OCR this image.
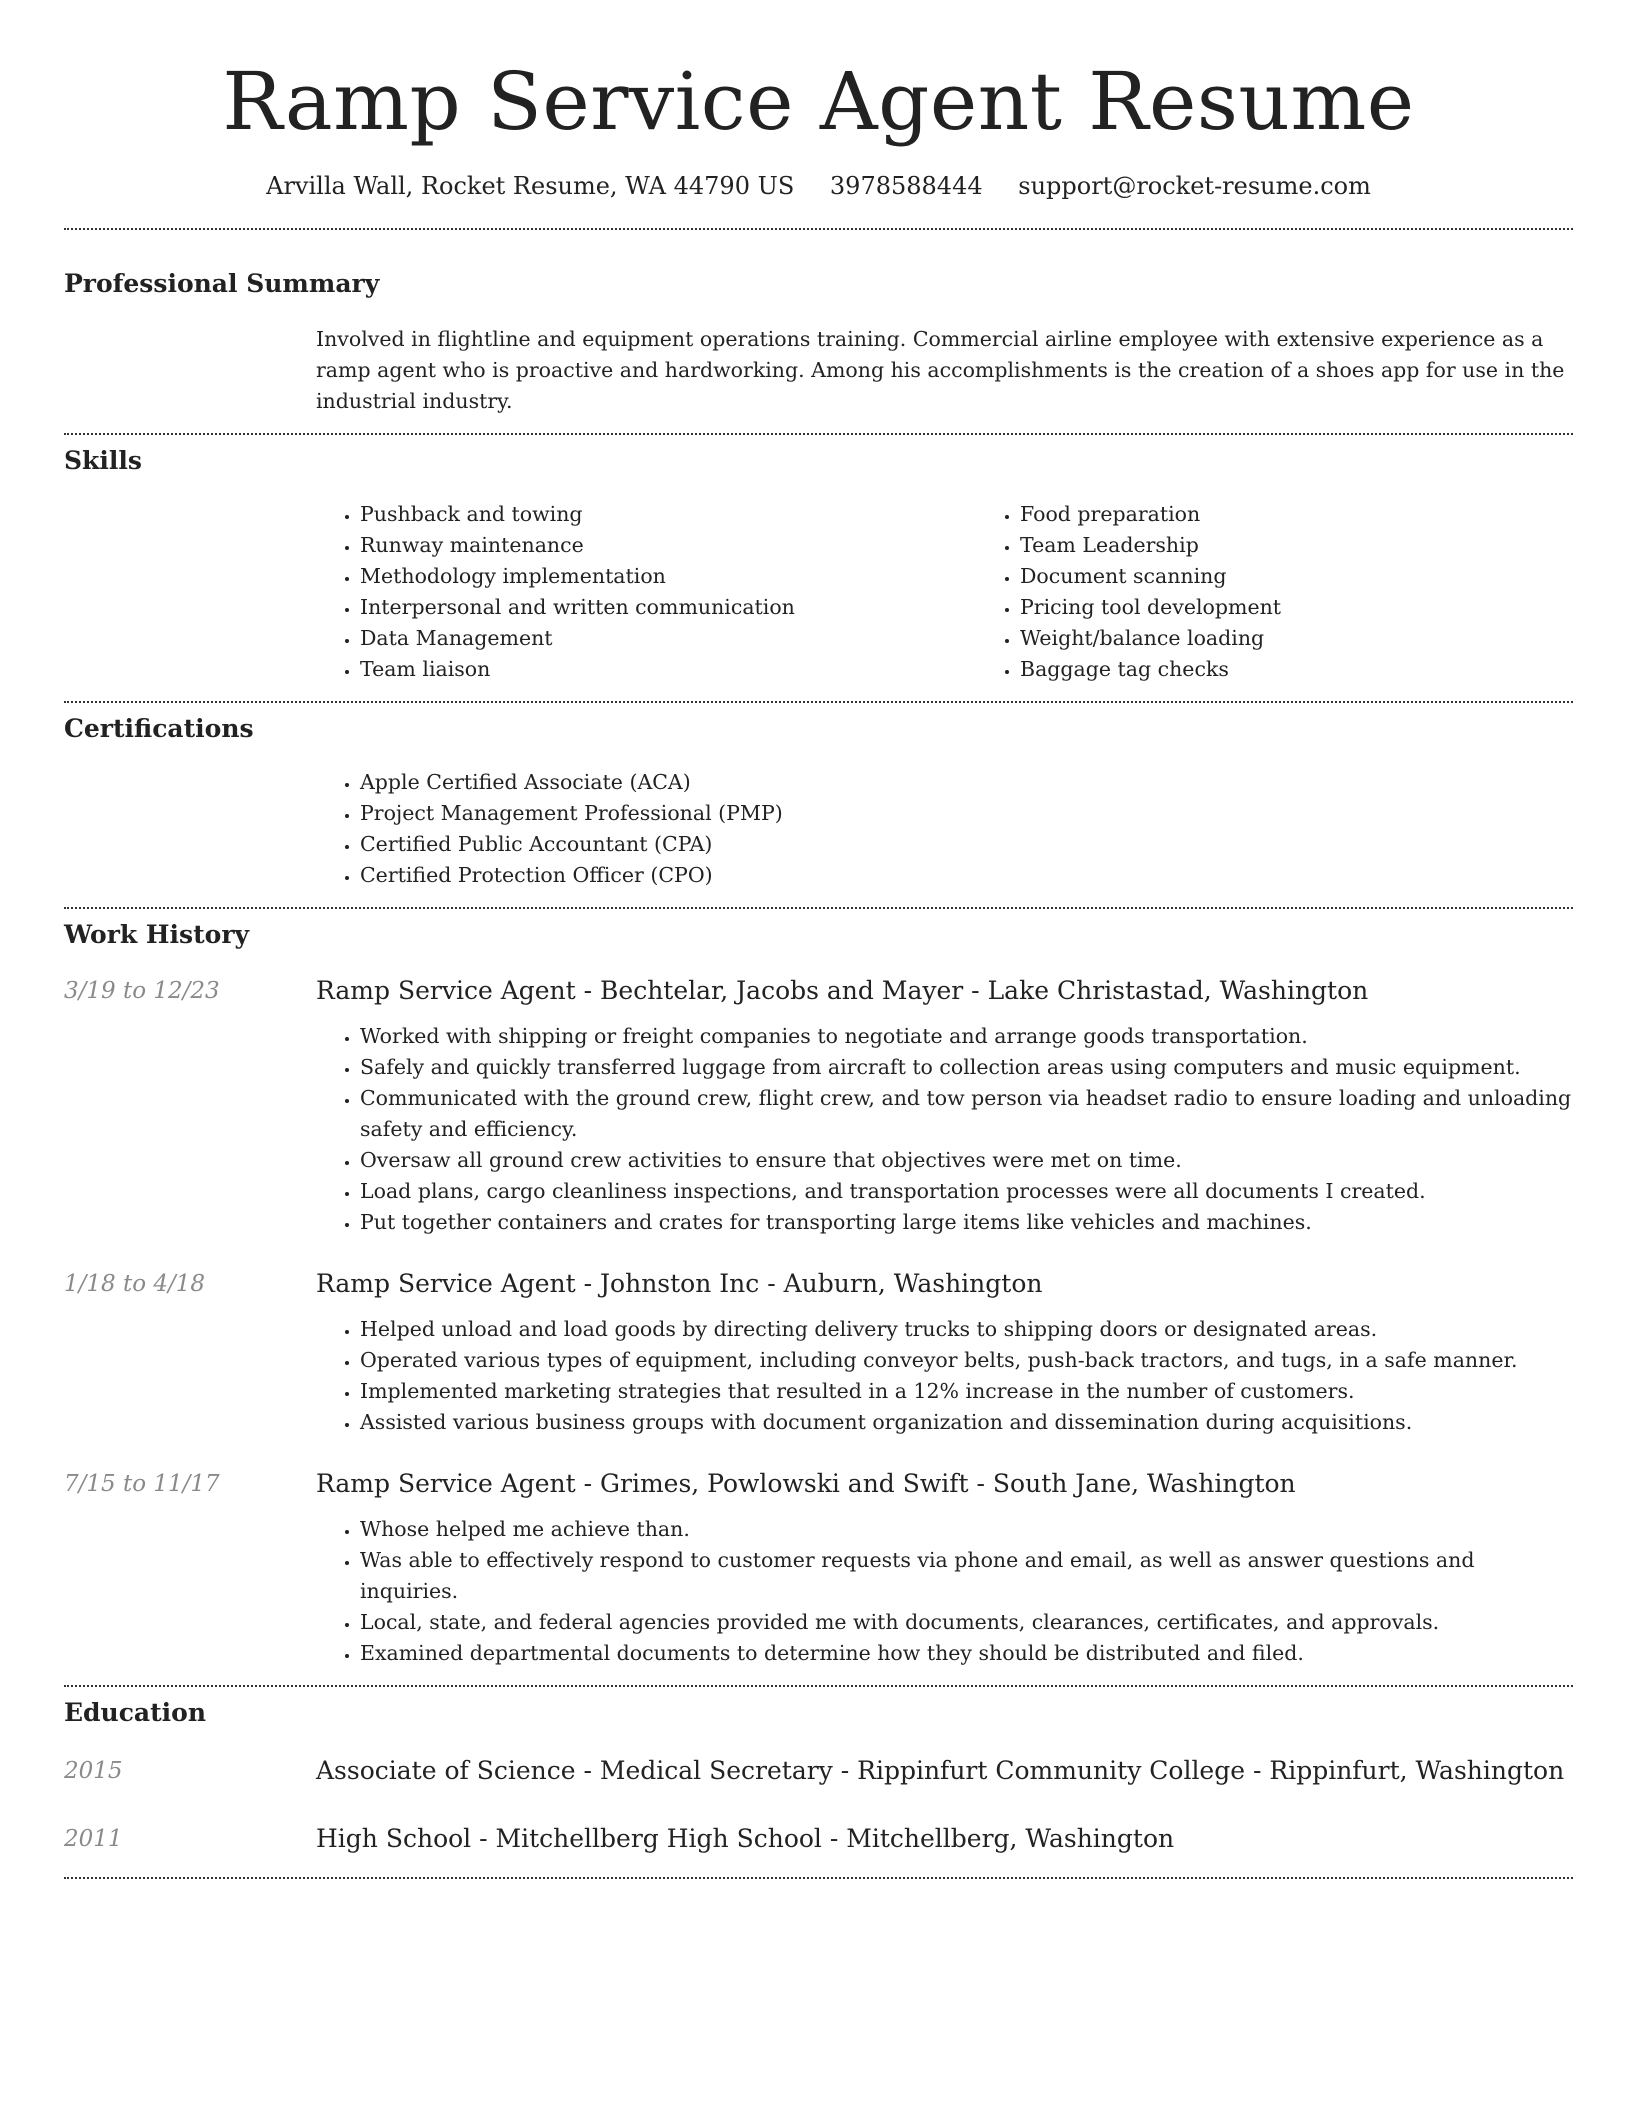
Ramp Service Agent Resume
Arvilla Wall, Rocket Resume, WA 44790 US 3978588444 support@rocket-resume.com
Professional Summary

Involved in flightline and equipment operations training. Commercial airline employee with extensive experience as a ramp agent who is proactive and hardworking. Among his accomplishments is the creation of a shoes app for use in the industrial industry.

Skills
• Pushback and towing
• Runway maintenance
• Methodology implementation
• Interpersonal and written communication
• Data Management
• Team liaison
• Food preparation
• Team Leadership
• Document scanning
• Pricing tool development
• Weight/balance loading
• Baggage tag checks
Certifications
• Apple Certified Associate (ACA)
• Project Management Professional (PMP)
• Certified Public Accountant (CPA)
• Certified Protection Officer (CPO)
Work History
3/19 to 12/23	Ramp Service Agent - Bechtelar, Jacobs and Mayer - Lake Christastad, Washington
• Worked with shipping or freight companies to negotiate and arrange goods transportation.
• Safely and quickly transferred luggage from aircraft to collection areas using computers and music equipment.
• Communicated with the ground crew, flight crew, and tow person via headset radio to ensure loading and unloading safety and efficiency.
• Oversaw all ground crew activities to ensure that objectives were met on time.
• Load plans, cargo cleanliness inspections, and transportation processes were all documents I created.
• Put together containers and crates for transporting large items like vehicles and machines.
1/18 to 4/18	Ramp Service Agent - Johnston Inc - Auburn, Washington
• Helped unload and load goods by directing delivery trucks to shipping doors or designated areas.
• Operated various types of equipment, including conveyor belts, push-back tractors, and tugs, in a safe manner.
• Implemented marketing strategies that resulted in a 12% increase in the number of customers.
• Assisted various business groups with document organization and dissemination during acquisitions.
7/15 to 11/17	Ramp Service Agent - Grimes, Powlowski and Swift - South Jane, Washington
• Whose helped me achieve than.
• Was able to effectively respond to customer requests via phone and email, as well as answer questions and inquiries.
• Local, state, and federal agencies provided me with documents, clearances, certificates, and approvals.
• Examined departmental documents to determine how they should be distributed and filed.
Education
2015	Associate of Science - Medical Secretary - Rippinfurt Community College - Rippinfurt, Washington
2011	High School - Mitchellberg High School - Mitchellberg, Washington
